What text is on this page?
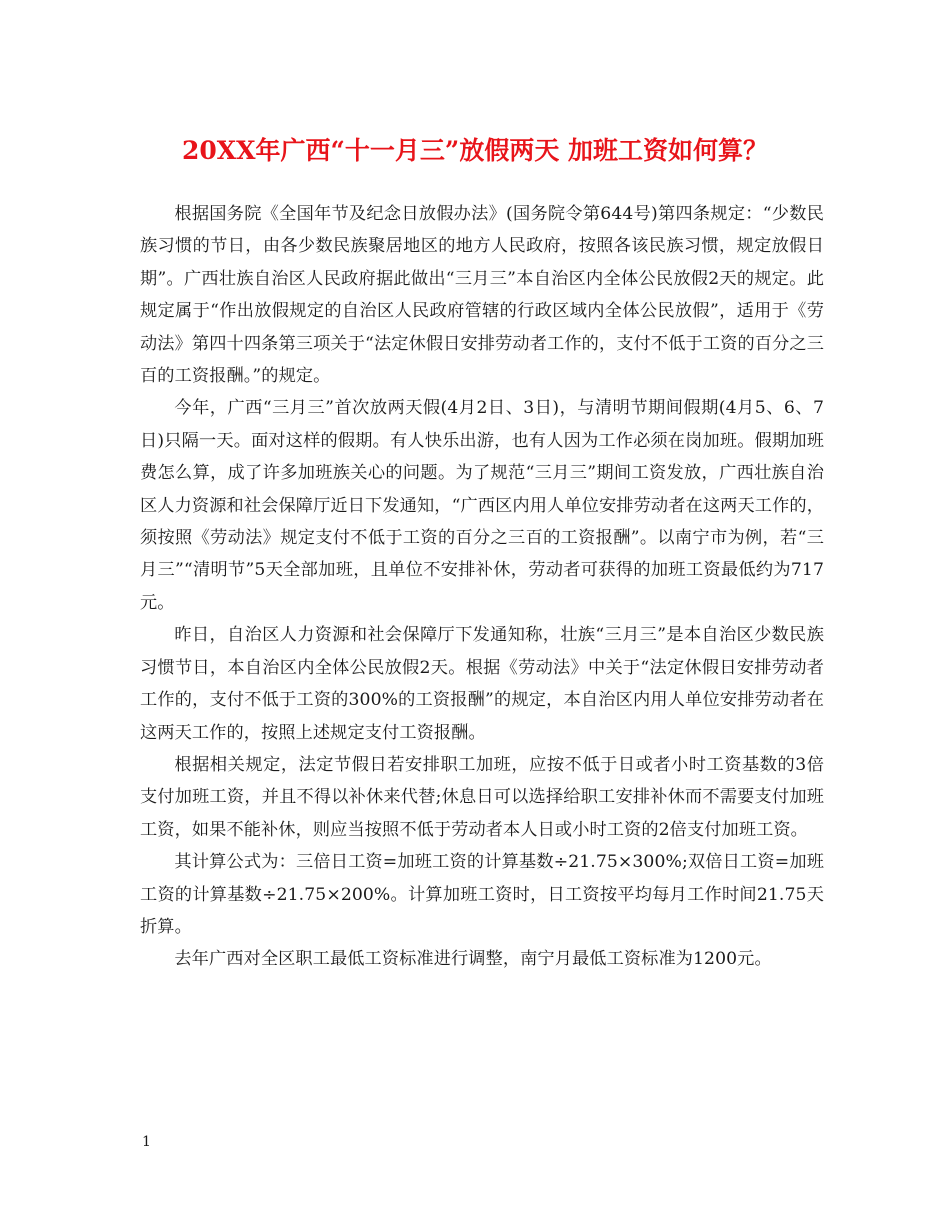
20XX年广西“十一月三”放假两天 加班工资如何算？

根据国务院《全国年节及纪念日放假办法》(国务院令第644号)第四条规定：“少数民族习惯的节日，由各少数民族聚居地区的地方人民政府，按照各该民族习惯，规定放假日期”。广西壮族自治区人民政府据此做出“三月三”本自治区内全体公民放假2天的规定。此规定属于“作出放假规定的自治区人民政府管辖的行政区域内全体公民放假”，适用于《劳动法》第四十四条第三项关于“法定休假日安排劳动者工作的，支付不低于工资的百分之三百的工资报酬。”的规定。

今年，广西“三月三”首次放两天假(4月2日、3日)，与清明节期间假期(4月5、6、7日)只隔一天。面对这样的假期。有人快乐出游，也有人因为工作必须在岗加班。假期加班费怎么算，成了许多加班族关心的问题。为了规范“三月三”期间工资发放，广西壮族自治区人力资源和社会保障厅近日下发通知，“广西区内用人单位安排劳动者在这两天工作的，须按照《劳动法》规定支付不低于工资的百分之三百的工资报酬”。以南宁市为例，若“三月三”“清明节”5天全部加班，且单位不安排补休，劳动者可获得的加班工资最低约为717元。

昨日，自治区人力资源和社会保障厅下发通知称，壮族“三月三”是本自治区少数民族习惯节日，本自治区内全体公民放假2天。根据《劳动法》中关于“法定休假日安排劳动者工作的，支付不低于工资的300%的工资报酬”的规定，本自治区内用人单位安排劳动者在这两天工作的，按照上述规定支付工资报酬。

根据相关规定，法定节假日若安排职工加班，应按不低于日或者小时工资基数的3倍支付加班工资，并且不得以补休来代替;休息日可以选择给职工安排补休而不需要支付加班工资，如果不能补休，则应当按照不低于劳动者本人日或小时工资的2倍支付加班工资。

其计算公式为：三倍日工资=加班工资的计算基数÷21.75×300%;双倍日工资=加班工资的计算基数÷21.75×200%。计算加班工资时，日工资按平均每月工作时间21.75天折算。

去年广西对全区职工最低工资标准进行调整，南宁月最低工资标准为1200元。

1
